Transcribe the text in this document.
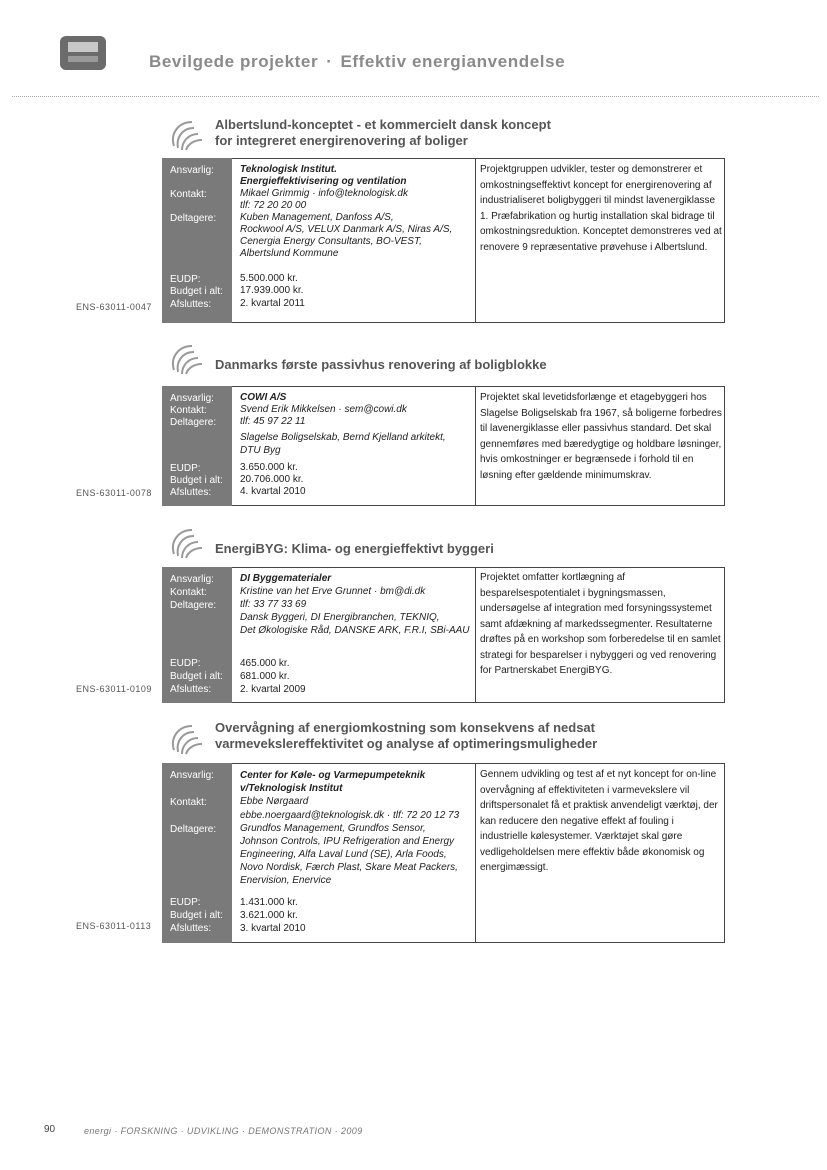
Bevilgede projekter · Effektiv energianvendelse
Albertslund-konceptet - et kommercielt dansk koncept
for integreret energirenovering af boliger
Ansvarlig:
Kontakt:
Deltagere:
EUDP:
Budget i alt:
Afsluttes:
Teknologisk Institut.
Energieffektivisering og ventilation
Mikael Grimmig · info@teknologisk.dk
tlf: 72 20 20 00
Kuben Management, Danfoss A/S,
Rockwool A/S, VELUX Danmark A/S, Niras A/S,
Cenergia Energy Consultants, BO-VEST,
Albertslund Kommune
5.500.000 kr.
17.939.000 kr.
2. kvartal 2011
Projektgruppen udvikler, tester og demonstrerer et omkostningseffektivt koncept for energirenovering af industrialiseret boligbyggeri til mindst lavenergiklasse 1. Præfabrikation og hurtig installation skal bidrage til omkostningsreduktion. Konceptet demonstreres ved at renovere 9 repræsentative prøvehuse i Albertslund.
ENS-63011-0047
Danmarks første passivhus renovering af boligblokke
Ansvarlig:
Kontakt:
Deltagere:
EUDP:
Budget i alt:
Afsluttes:
COWI A/S
Svend Erik Mikkelsen · sem@cowi.dk
tlf: 45 97 22 11
Slagelse Boligselskab, Bernd Kjelland arkitekt,
DTU Byg
3.650.000 kr.
20.706.000 kr.
4. kvartal 2010
Projektet skal levetidsforlænge et etagebyggeri hos Slagelse Boligselskab fra 1967, så boligerne forbedres til lavenergiklasse eller passivhus standard. Det skal gennemføres med bæredygtige og holdbare løsninger, hvis omkostninger er begrænsede i forhold til en løsning efter gældende minimumskrav.
ENS-63011-0078
EnergiBYG: Klima- og energieffektivt byggeri
Ansvarlig:
Kontakt:
Deltagere:
EUDP:
Budget i alt:
Afsluttes:
DI Byggematerialer
Kristine van het Erve Grunnet · bm@di.dk
tlf: 33 77 33 69
Dansk Byggeri, DI Energibranchen, TEKNIQ,
Det Økologiske Råd, DANSKE ARK, F.R.I, SBi-AAU
465.000 kr.
681.000 kr.
2. kvartal 2009
Projektet omfatter kortlægning af besparelsespotentialet i bygningsmassen, undersøgelse af integration med forsyningssystemet samt afdækning af markedssegmenter. Resultaterne drøftes på en workshop som forberedelse til en samlet strategi for besparelser i nybyggeri og ved renovering for Partnerskabet EnergiBYG.
ENS-63011-0109
Overvågning af energiomkostning som konsekvens af nedsat
varmevekslereffektivitet og analyse af optimeringsmuligheder
Ansvarlig:
Kontakt:
Deltagere:
EUDP:
Budget i alt:
Afsluttes:
Center for Køle- og Varmepumpeteknik
v/Teknologisk Institut
Ebbe Nørgaard
ebbe.noergaard@teknologisk.dk · tlf: 72 20 12 73
Grundfos Management, Grundfos Sensor,
Johnson Controls, IPU Refrigeration and Energy
Engineering, Alfa Laval Lund (SE), Arla Foods,
Novo Nordisk, Færch Plast, Skare Meat Packers,
Enervision, Enervice
1.431.000 kr.
3.621.000 kr.
3. kvartal 2010
Gennem udvikling og test af et nyt koncept for on-line overvågning af effektiviteten i varmevekslere vil driftspersonalet få et praktisk anvendeligt værktøj, der kan reducere den negative effekt af fouling i industrielle kølesystemer. Værktøjet skal gøre vedligeholdelsen mere effektiv både økonomisk og energimæssigt.
ENS-63011-0113
90	energi · FORSKNING · UDVIKLING · DEMONSTRATION · 2009
